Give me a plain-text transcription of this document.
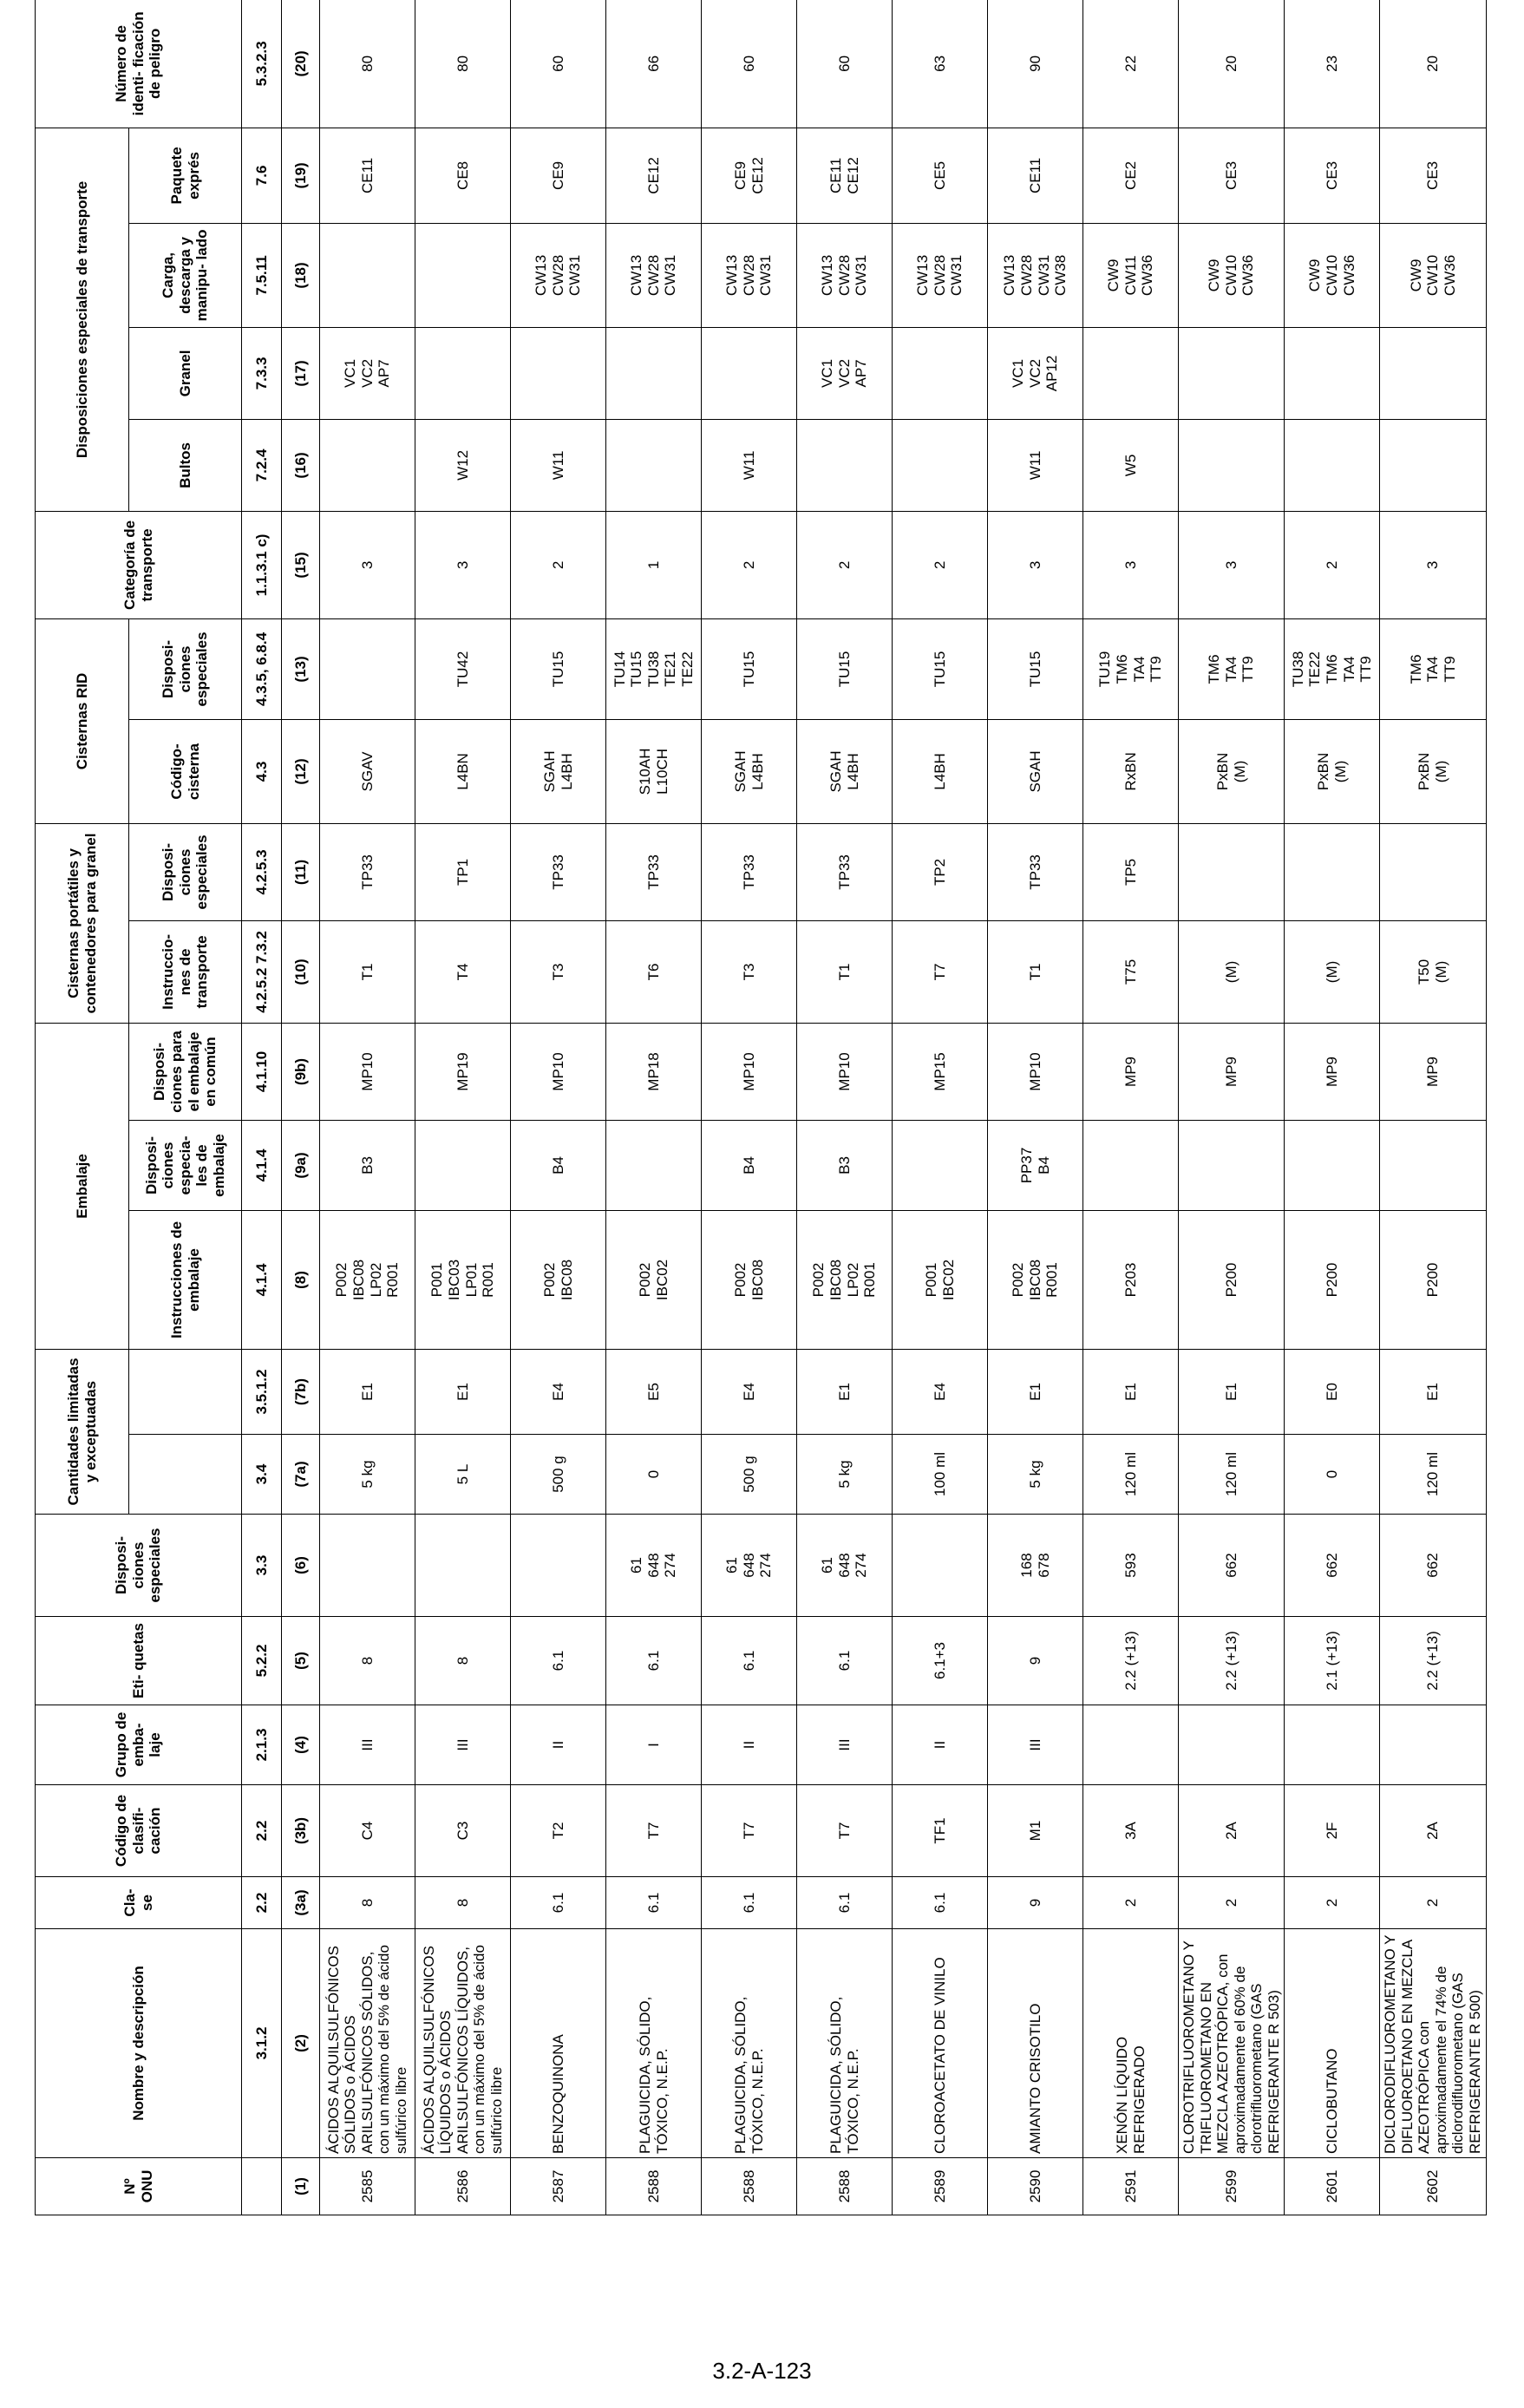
Nº ONU	Nombre y descripción	Cla- se	Código de clasifi- cación	Grupo de emba- laje	Eti- quetas	Disposi- ciones especiales	Cantidades limitadas y exceptuadas		Embalaje			Cisternas portátiles y contenedores para granel		Cisternas RID		Categoría de transporte	Disposiciones especiales de transporte				Número de identi- ficación de peligro
									Instrucciones de embalaje	Disposi- ciones especia- les de embalaje	Disposi- ciones para el embalaje en común	Instruccio- nes de transporte	Disposi- ciones especiales	Código- cisterna	Disposi- ciones especiales		Bultos	Granel	Carga, descarga y manipu- lado	Paquete exprés	
	3.1.2	2.2	2.2	2.1.3	5.2.2	3.3	3.4	3.5.1.2	4.1.4	4.1.4	4.1.10	4.2.5.2 7.3.2	4.2.5.3	4.3	4.3.5, 6.8.4	1.1.3.1 c)	7.2.4	7.3.3	7.5.11	7.6	5.3.2.3
(1)	(2)	(3a)	(3b)	(4)	(5)	(6)	(7a)	(7b)	(8)	(9a)	(9b)	(10)	(11)	(12)	(13)	(15)	(16)	(17)	(18)	(19)	(20)
2585	ÁCIDOS ALQUILSULFÓNICOS SÓLIDOS o ÁCIDOS ARILSULFÓNICOS SÓLIDOS, con un máximo del 5% de ácido sulfúrico libre	8	C4	III	8		5 kg	E1	P002
IBC08
LP02
R001	B3	MP10	T1	TP33	SGAV		3		VC1
VC2
AP7		CE11	80
2586	ÁCIDOS ALQUILSULFÓNICOS LÍQUIDOS o ÁCIDOS ARILSULFÓNICOS LÍQUIDOS, con un máximo del 5% de ácido sulfúrico libre	8	C3	III	8		5 L	E1	P001
IBC03
LP01
R001		MP19	T4	TP1	L4BN	TU42	3	W12			CE8	80
2587	BENZOQUINONA	6.1	T2	II	6.1		500 g	E4	P002
IBC08	B4	MP10	T3	TP33	SGAH
L4BH	TU15	2	W11		CW13
CW28
CW31	CE9	60
2588	PLAGUICIDA, SÓLIDO, TÓXICO, N.E.P.	6.1	T7	I	6.1	61
648
274	0	E5	P002
IBC02		MP18	T6	TP33	S10AH
L10CH	TU14
TU15
TU38
TE21
TE22	1			CW13
CW28
CW31	CE12	66
2588	PLAGUICIDA, SÓLIDO, TÓXICO, N.E.P.	6.1	T7	II	6.1	61
648
274	500 g	E4	P002
IBC08	B4	MP10	T3	TP33	SGAH
L4BH	TU15	2	W11		CW13
CW28
CW31	CE9
CE12	60
2588	PLAGUICIDA, SÓLIDO, TÓXICO, N.E.P.	6.1	T7	III	6.1	61
648
274	5 kg	E1	P002
IBC08
LP02
R001	B3	MP10	T1	TP33	SGAH
L4BH	TU15	2		VC1
VC2
AP7	CW13
CW28
CW31	CE11
CE12	60
2589	CLOROACETATO DE VINILO	6.1	TF1	II	6.1+3		100 ml	E4	P001
IBC02		MP15	T7	TP2	L4BH	TU15	2			CW13
CW28
CW31	CE5	63
2590	AMIANTO CRISOTILO	9	M1	III	9	168
678	5 kg	E1	P002
IBC08
R001	PP37
B4	MP10	T1	TP33	SGAH	TU15	3	W11	VC1
VC2
AP12	CW13
CW28
CW31
CW38	CE11	90
2591	XENÓN LÍQUIDO REFRIGERADO	2	3A		2.2 (+13)	593	120 ml	E1	P203		MP9	T75	TP5	RxBN	TU19
TM6
TA4
TT9	3	W5		CW9
CW11
CW36	CE2	22
2599	CLOROTRIFLUOROMETANO Y TRIFLUOROMETANO EN MEZCLA AZEOTRÓPICA, con aproximadamente el 60% de clorotrifluorometano (GAS REFRIGERANTE R 503)	2	2A		2.2 (+13)	662	120 ml	E1	P200		MP9	(M)		PxBN
(M)	TM6
TA4
TT9	3			CW9
CW10
CW36	CE3	20
2601	CICLOBUTANO	2	2F		2.1 (+13)	662	0	E0	P200		MP9	(M)		PxBN
(M)	TU38
TE22
TM6
TA4
TT9	2			CW9
CW10
CW36	CE3	23
2602	DICLORODIFLUOROMETANO Y DIFLUOROETANO EN MEZCLA AZEOTRÓPICA con aproximadamente el 74% de diclorodifluorometano (GAS REFRIGERANTE R 500)	2	2A		2.2 (+13)	662	120 ml	E1	P200		MP9	T50
(M)		PxBN
(M)	TM6
TA4
TT9	3			CW9
CW10
CW36	CE3	20
3.2-A-123
